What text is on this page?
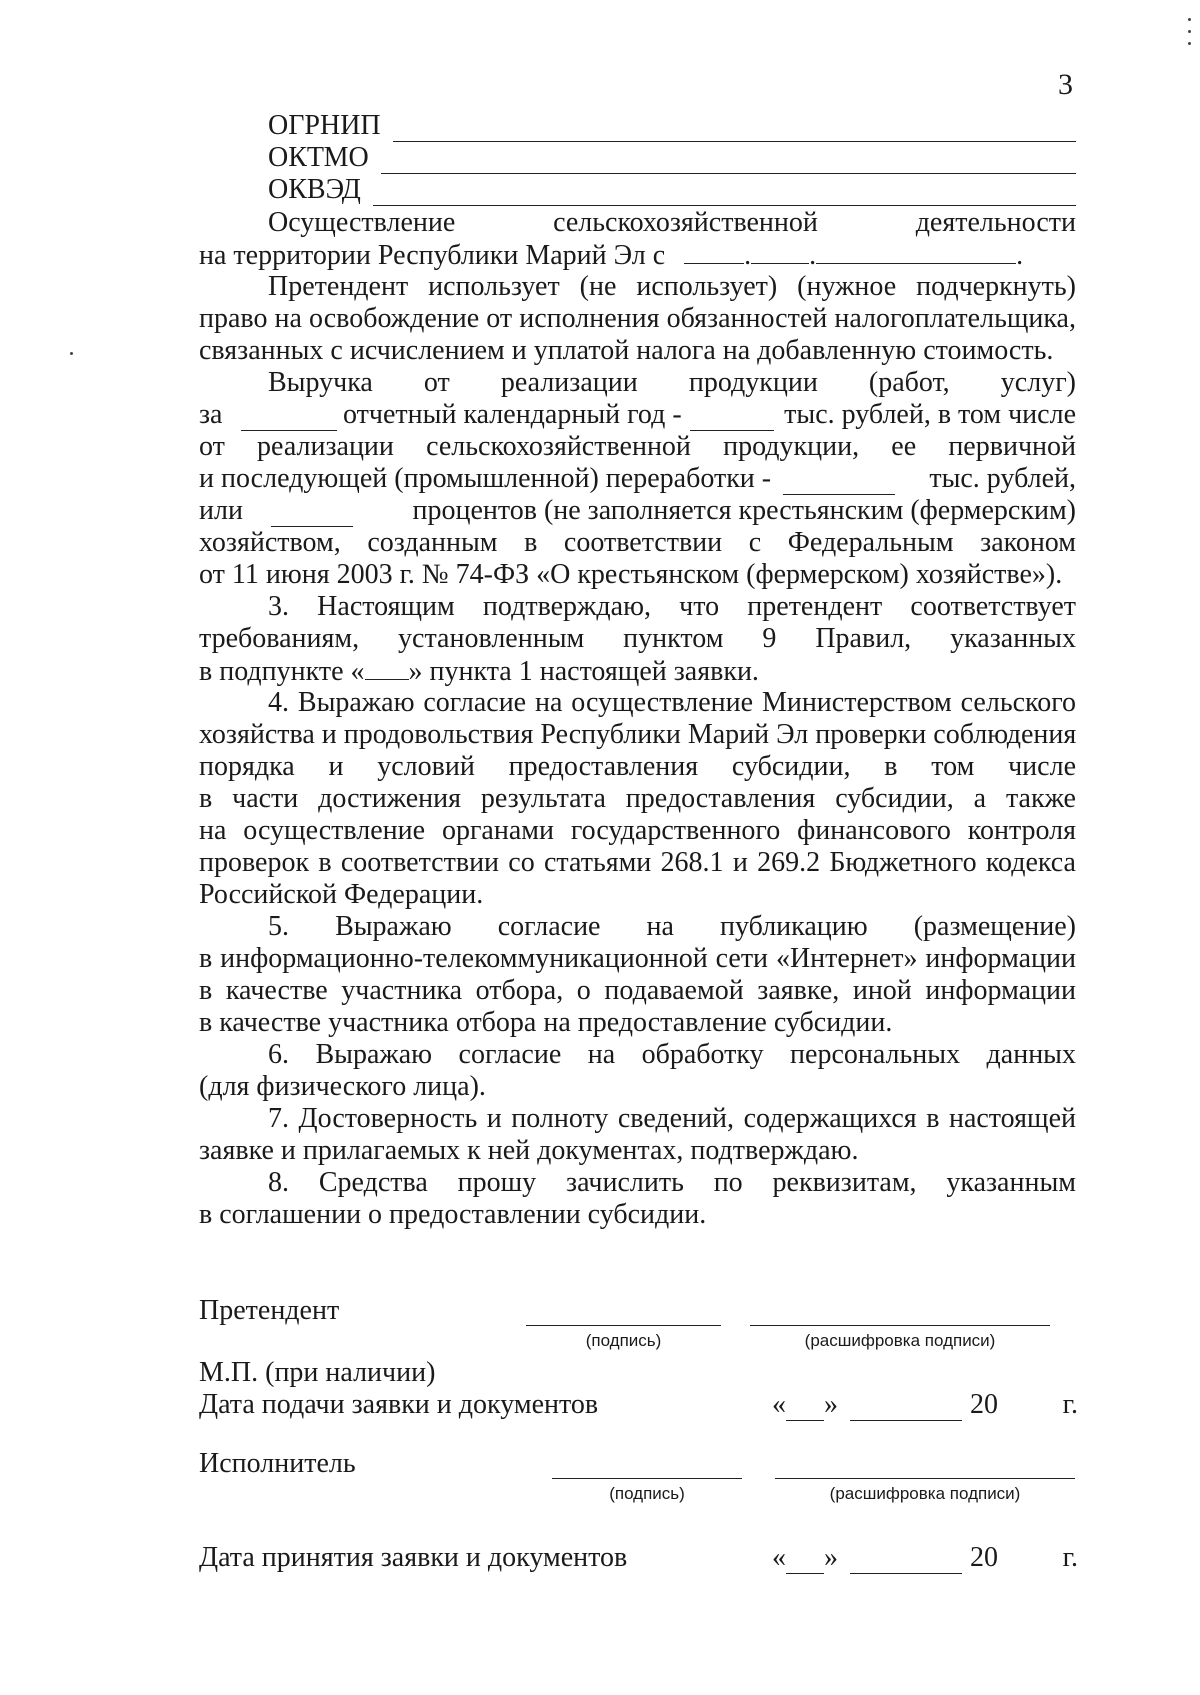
3
ОГРНИП
ОКТМО
ОКВЭД
Осуществление	сельскохозяйственной	деятельности
на территории Республики Марий Эл с	. .	.
Претендент использует (не использует) (нужное подчеркнуть)
право на освобождение от исполнения обязанностей налогоплательщика,
связанных с исчислением и уплатой налога на добавленную стоимость.
Выручка от реализации продукции (работ, услуг)
за	отчетный календарный год -	тыс. рублей, в том числе
от реализации сельскохозяйственной продукции, ее первичной
и последующей (промышленной) переработки -	тыс. рублей,
или	процентов (не заполняется крестьянским (фермерским)
хозяйством, созданным в соответствии с Федеральным законом
от 11 июня 2003 г. № 74-ФЗ «О крестьянском (фермерском) хозяйстве»).
3. Настоящим подтверждаю, что претендент соответствует
требованиям, установленным пунктом 9 Правил, указанных
в подпункте « » пункта 1 настоящей заявки.
4. Выражаю согласие на осуществление Министерством сельского
хозяйства и продовольствия Республики Марий Эл проверки соблюдения
порядка и условий предоставления субсидии, в том числе
в части достижения результата предоставления субсидии, а также
на осуществление органами государственного финансового контроля
проверок в соответствии со статьями 268.1 и 269.2 Бюджетного кодекса
Российской Федерации.
5. Выражаю согласие на публикацию (размещение)
в информационно-телекоммуникационной сети «Интернет» информации
в качестве участника отбора, о подаваемой заявке, иной информации
в качестве участника отбора на предоставление субсидии.
6. Выражаю согласие на обработку персональных данных
(для физического лица).
7. Достоверность и полноту сведений, содержащихся в настоящей
заявке и прилагаемых к ней документах, подтверждаю.
8. Средства прошу зачислить по реквизитам, указанным
в соглашении о предоставлении субсидии.
Претендент
(подпись)	(расшифровка подписи)
М.П. (при наличии)
Дата подачи заявки и документов	« »	20 г.
Исполнитель
(подпись)	(расшифровка подписи)
Дата принятия заявки и документов	« »	20 г.
